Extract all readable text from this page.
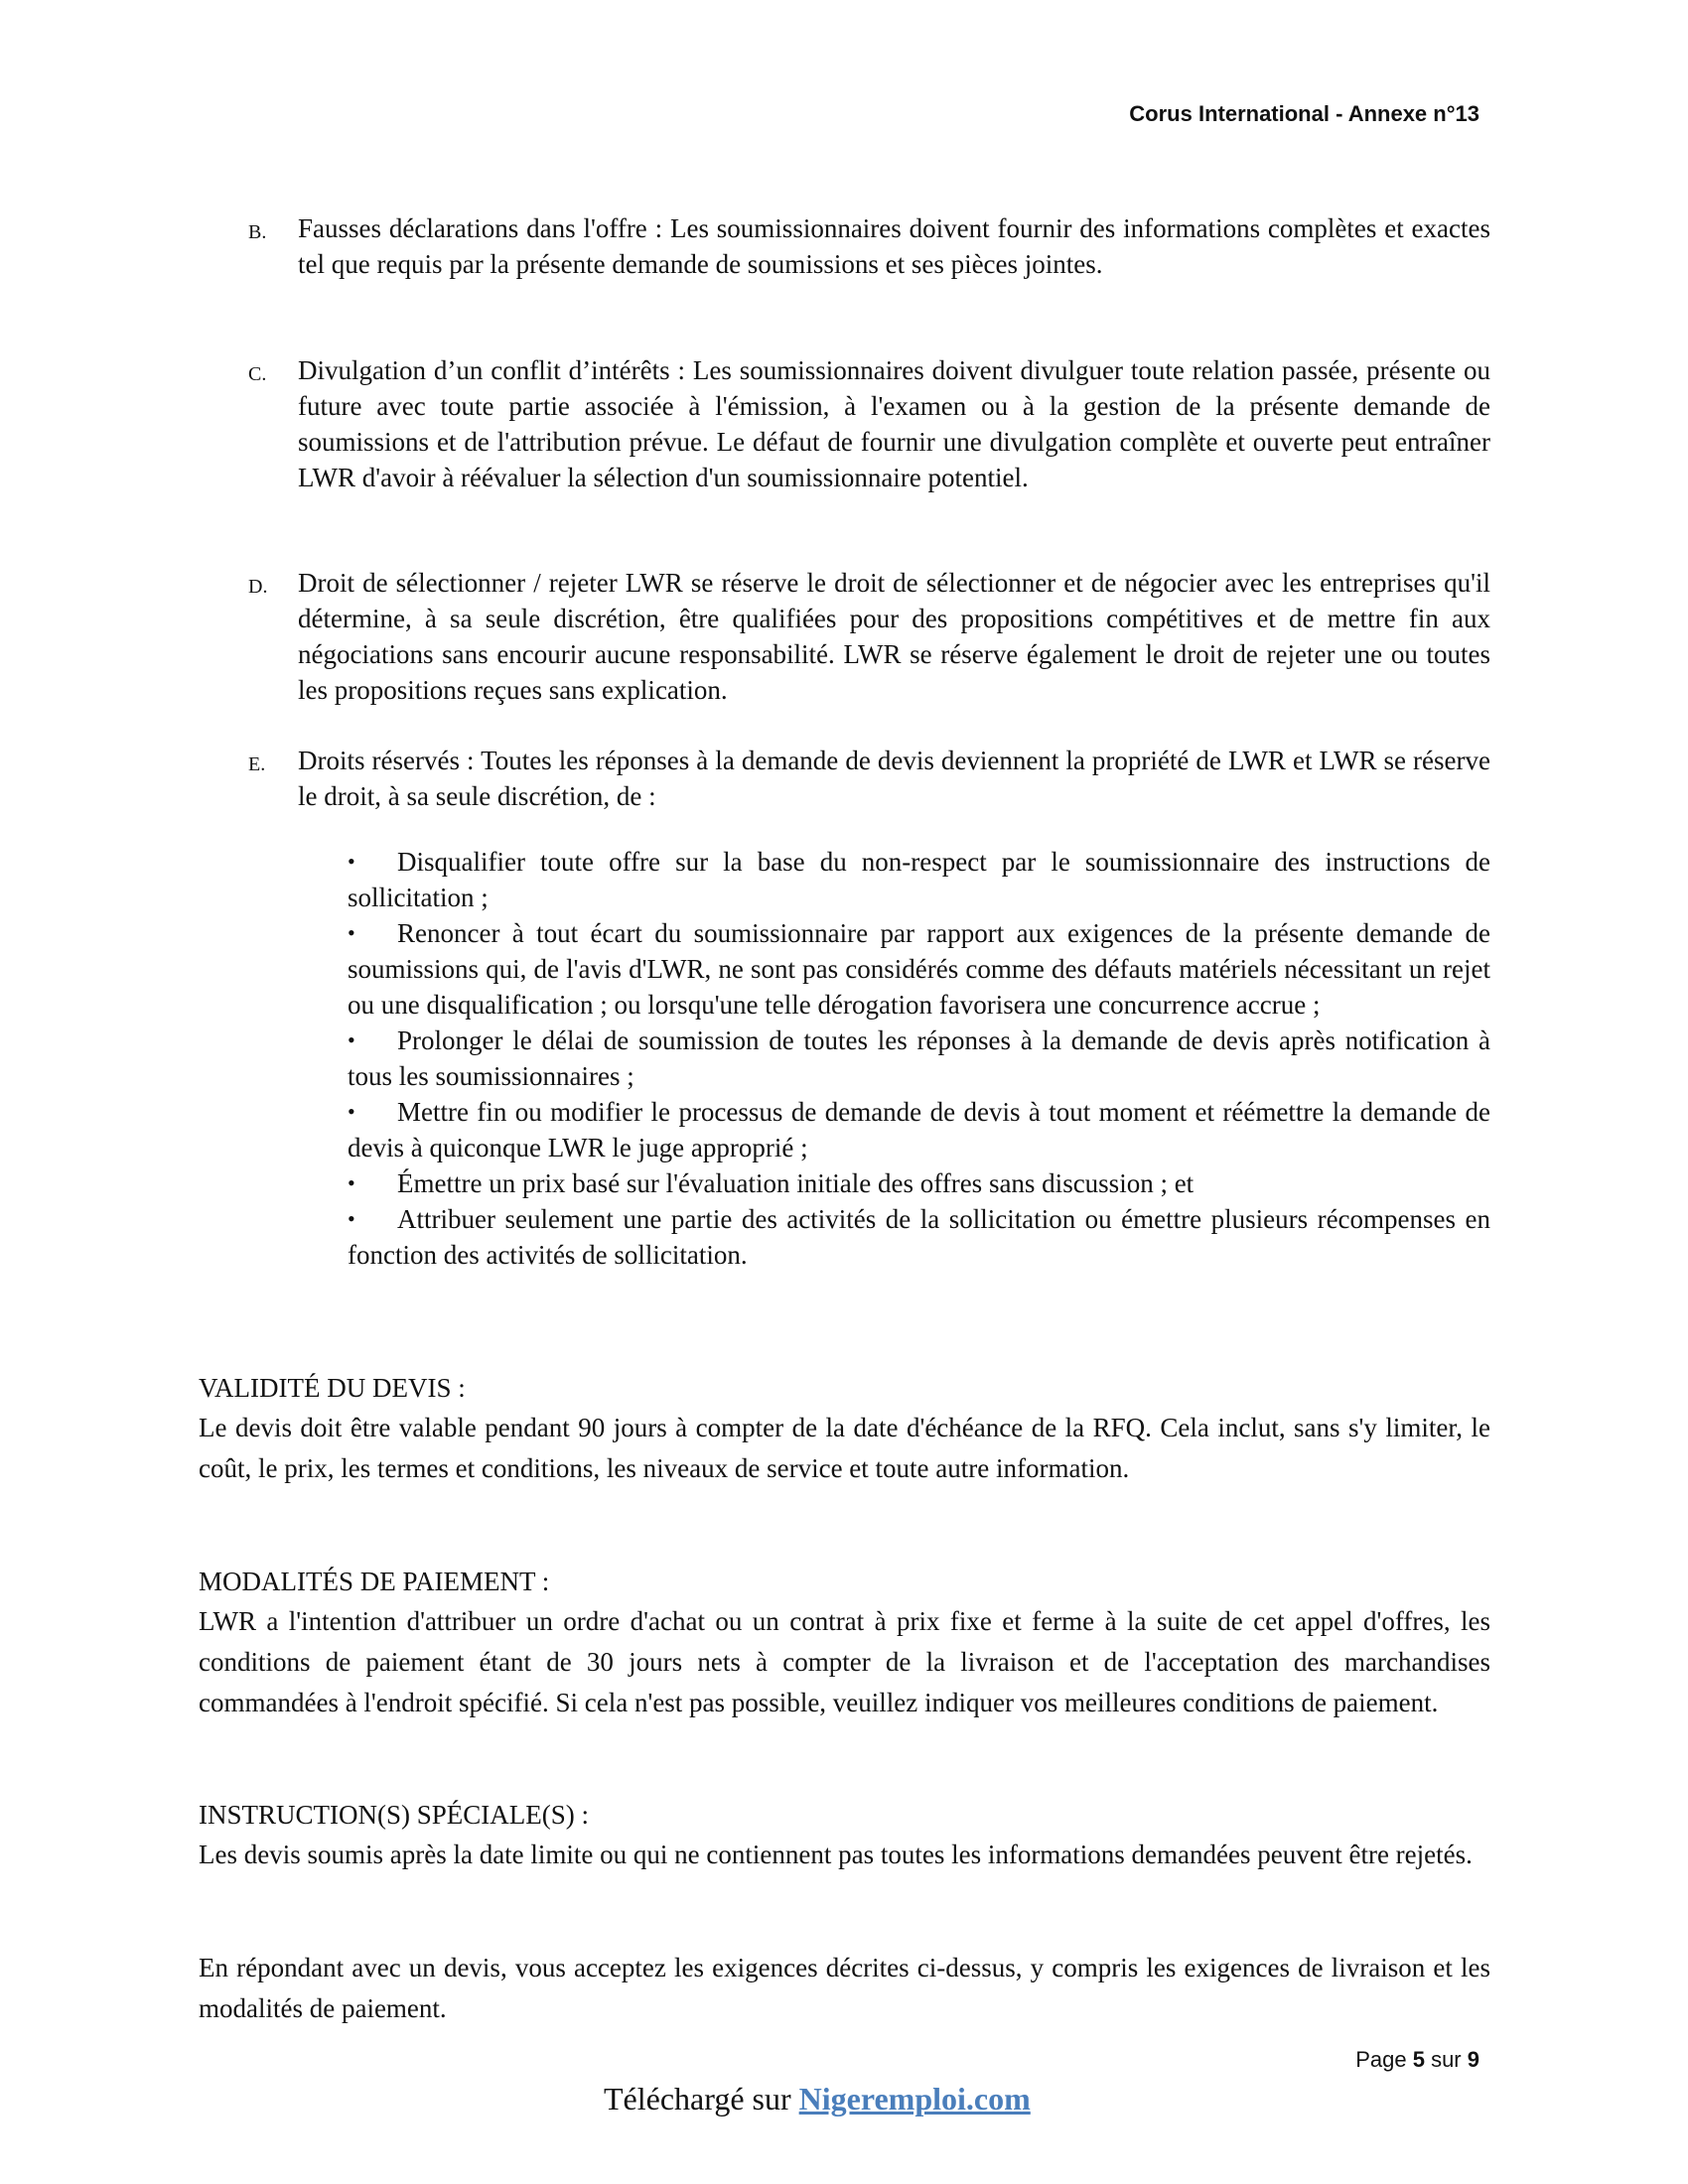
Corus International - Annexe n°13
B. Fausses déclarations dans l'offre : Les soumissionnaires doivent fournir des informations complètes et exactes tel que requis par la présente demande de soumissions et ses pièces jointes.
C. Divulgation d’un conflit d’intérêts : Les soumissionnaires doivent divulguer toute relation passée, présente ou future avec toute partie associée à l'émission, à l'examen ou à la gestion de la présente demande de soumissions et de l'attribution prévue. Le défaut de fournir une divulgation complète et ouverte peut entraîner LWR d'avoir à réévaluer la sélection d'un soumissionnaire potentiel.
D. Droit de sélectionner / rejeter LWR se réserve le droit de sélectionner et de négocier avec les entreprises qu'il détermine, à sa seule discrétion, être qualifiées pour des propositions compétitives et de mettre fin aux négociations sans encourir aucune responsabilité. LWR se réserve également le droit de rejeter une ou toutes les propositions reçues sans explication.
E. Droits réservés : Toutes les réponses à la demande de devis deviennent la propriété de LWR et LWR se réserve le droit, à sa seule discrétion, de :
• Disqualifier toute offre sur la base du non-respect par le soumissionnaire des instructions de sollicitation ;
• Renoncer à tout écart du soumissionnaire par rapport aux exigences de la présente demande de soumissions qui, de l'avis d'LWR, ne sont pas considérés comme des défauts matériels nécessitant un rejet ou une disqualification ; ou lorsqu'une telle dérogation favorisera une concurrence accrue ;
• Prolonger le délai de soumission de toutes les réponses à la demande de devis après notification à tous les soumissionnaires ;
• Mettre fin ou modifier le processus de demande de devis à tout moment et réémettre la demande de devis à quiconque LWR le juge approprié ;
• Émettre un prix basé sur l'évaluation initiale des offres sans discussion ; et
• Attribuer seulement une partie des activités de la sollicitation ou émettre plusieurs récompenses en fonction des activités de sollicitation.
VALIDITÉ DU DEVIS :
Le devis doit être valable pendant 90 jours à compter de la date d'échéance de la RFQ. Cela inclut, sans s'y limiter, le coût, le prix, les termes et conditions, les niveaux de service et toute autre information.
MODALITÉS DE PAIEMENT :
LWR a l'intention d'attribuer un ordre d'achat ou un contrat à prix fixe et ferme à la suite de cet appel d'offres, les conditions de paiement étant de 30 jours nets à compter de la livraison et de l'acceptation des marchandises commandées à l'endroit spécifié. Si cela n'est pas possible, veuillez indiquer vos meilleures conditions de paiement.
INSTRUCTION(S) SPÉCIALE(S) :
Les devis soumis après la date limite ou qui ne contiennent pas toutes les informations demandées peuvent être rejetés.
En répondant avec un devis, vous acceptez les exigences décrites ci-dessus, y compris les exigences de livraison et les modalités de paiement.
Page 5 sur 9
Téléchargé sur Nigeremploi.com
